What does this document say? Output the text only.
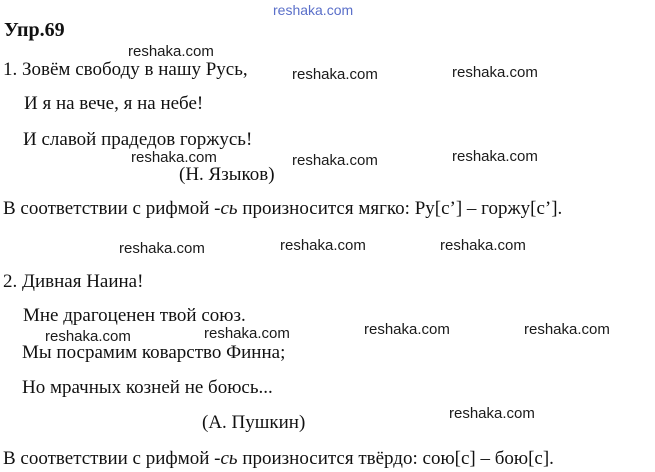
reshaka.com
reshaka.com
reshaka.com	reshaka.com
reshaka.com	reshaka.com	reshaka.com
reshaka.com	reshaka.com	reshaka.com
reshaka.com	reshaka.com	reshaka.com	reshaka.com
reshaka.com
Упр.69
1. Зовём свободу в нашу Русь,
И я на вече, я на небе!
И славой прадедов горжусь!
(Н. Языков)
В соответствии с рифмой -сь произносится мягко: Ру[с’] – горжу[с’].
2. Дивная Наина!
Мне драгоценен твой союз.
Мы посрамим коварство Финна;
Но мрачных козней не боюсь...
(А. Пушкин)
В соответствии с рифмой -сь произносится твёрдо: сою[с] – бою[с].
